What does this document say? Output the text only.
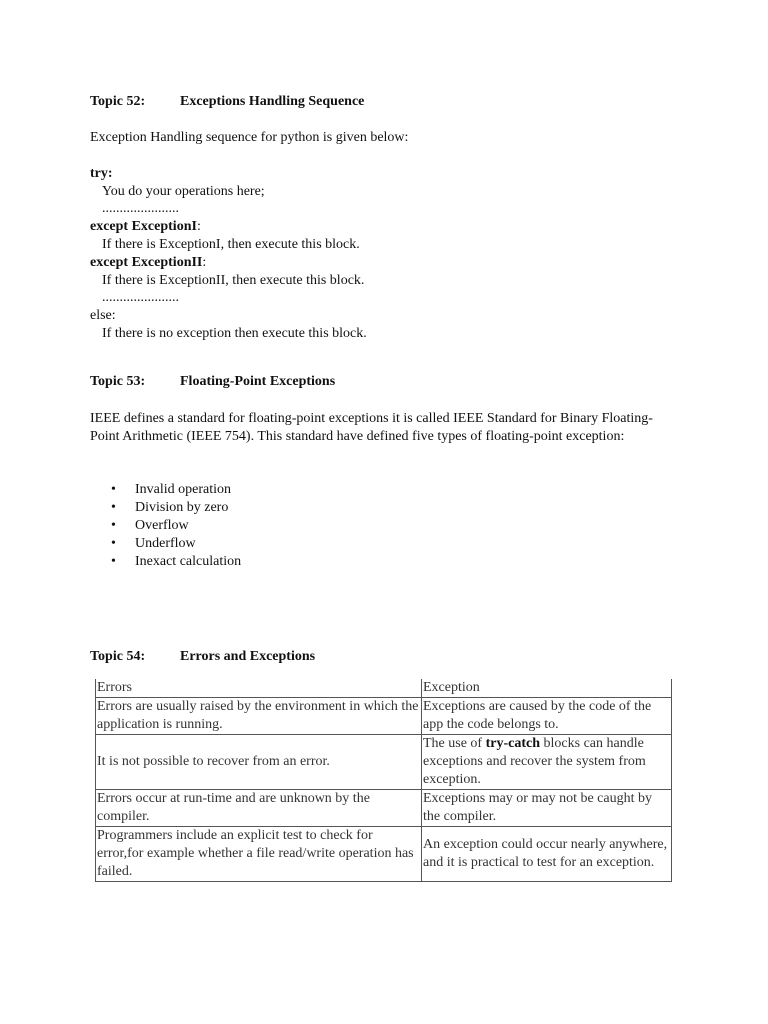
Topic 52: Exceptions Handling Sequence
Exception Handling sequence for python is given below:
try:
You do your operations here;
......................
except ExceptionI:
If there is ExceptionI, then execute this block.
except ExceptionII:
If there is ExceptionII, then execute this block.
......................
else:
If there is no exception then execute this block.
Topic 53: Floating-Point Exceptions
IEEE defines a standard for floating-point exceptions it is called IEEE Standard for Binary Floating-Point Arithmetic (IEEE 754). This standard have defined five types of floating-point exception:
• Invalid operation
• Division by zero
• Overflow
• Underflow
• Inexact calculation
Topic 54: Errors and Exceptions
Errors	Exception
Errors are usually raised by the environment in which the application is running.	Exceptions are caused by the code of the app the code belongs to.
It is not possible to recover from an error.	The use of try-catch blocks can handle exceptions and recover the system from exception.
Errors occur at run-time and are unknown by the compiler.	Exceptions may or may not be caught by the compiler.
Programmers include an explicit test to check for error,for example whether a file read/write operation has failed.	An exception could occur nearly anywhere, and it is practical to test for an exception.
